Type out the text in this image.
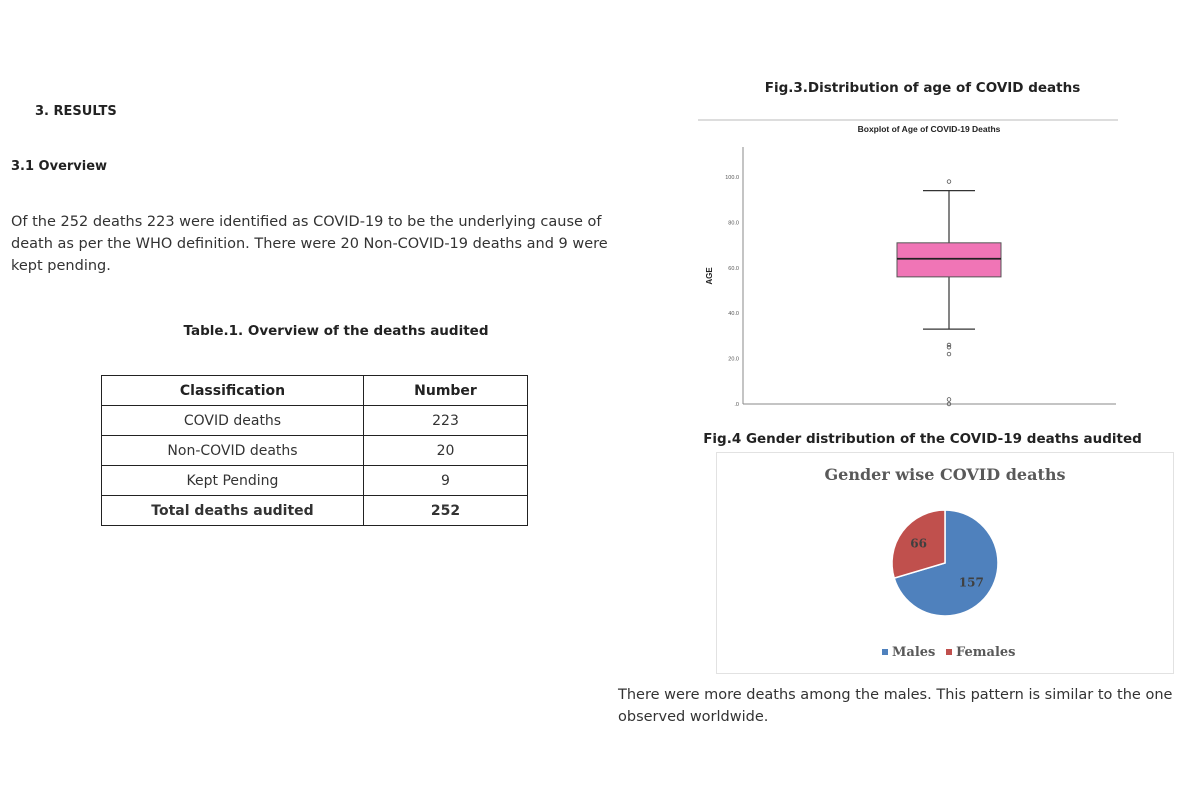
3. RESULTS
3.1 Overview
Of the 252 deaths 223 were identified as COVID-19 to be the underlying cause of death as per the WHO definition. There were 20 Non-COVID-19 deaths and 9 were kept pending.
Table.1. Overview of the deaths audited
Classification	Number
COVID deaths	223
Non-COVID deaths	20
Kept Pending	9
Total deaths audited	252
Fig.3.Distribution of age of COVID deaths
Boxplot of Age of COVID-19 Deaths
AGE
100.0
80.0
60.0
40.0
20.0
.0
Fig.4 Gender distribution of the COVID-19 deaths audited
Gender wise COVID deaths
157
66
Males Females
There were more deaths among the males. This pattern is similar to the one observed worldwide.
